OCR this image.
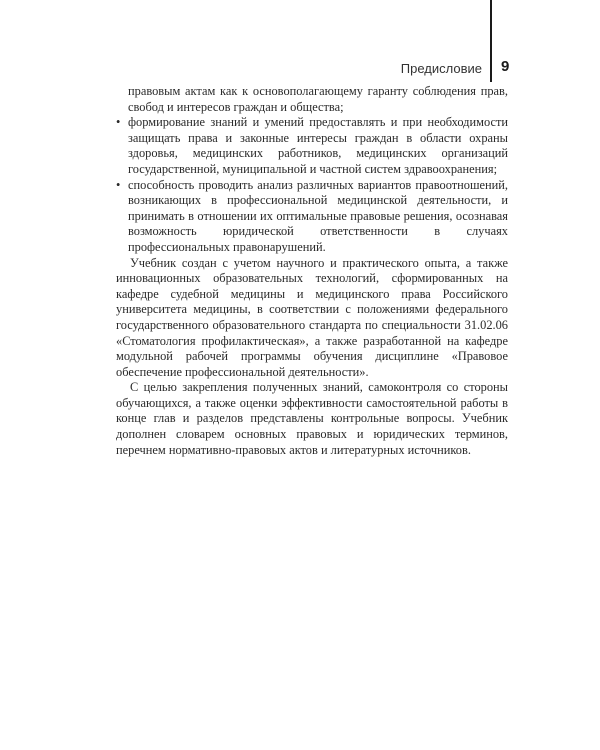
Предисловие 9
правовым актам как к основополагающему гаранту соблюдения прав, свобод и интересов граждан и общества;
• формирование знаний и умений предоставлять и при необходимости защищать права и законные интересы граждан в области охраны здоровья, медицинских работников, медицинских организаций государственной, муниципальной и частной систем здравоохранения;
• способность проводить анализ различных вариантов правоотношений, возникающих в профессиональной медицинской деятельности, и принимать в отношении их оптимальные правовые решения, осознавая возможность юридической ответственности в случаях профессиональных правонарушений.

Учебник создан с учетом научного и практического опыта, а также инновационных образовательных технологий, сформированных на кафедре судебной медицины и медицинского права Российского университета медицины, в соответствии с положениями федерального государственного образовательного стандарта по специальности 31.02.06 «Стоматология профилактическая», а также разработанной на кафедре модульной рабочей программы обучения дисциплине «Правовое обеспечение профессиональной деятельности».

С целью закрепления полученных знаний, самоконтроля со стороны обучающихся, а также оценки эффективности самостоятельной работы в конце глав и разделов представлены контрольные вопросы. Учебник дополнен словарем основных правовых и юридических терминов, перечнем нормативно-правовых актов и литературных источников.
